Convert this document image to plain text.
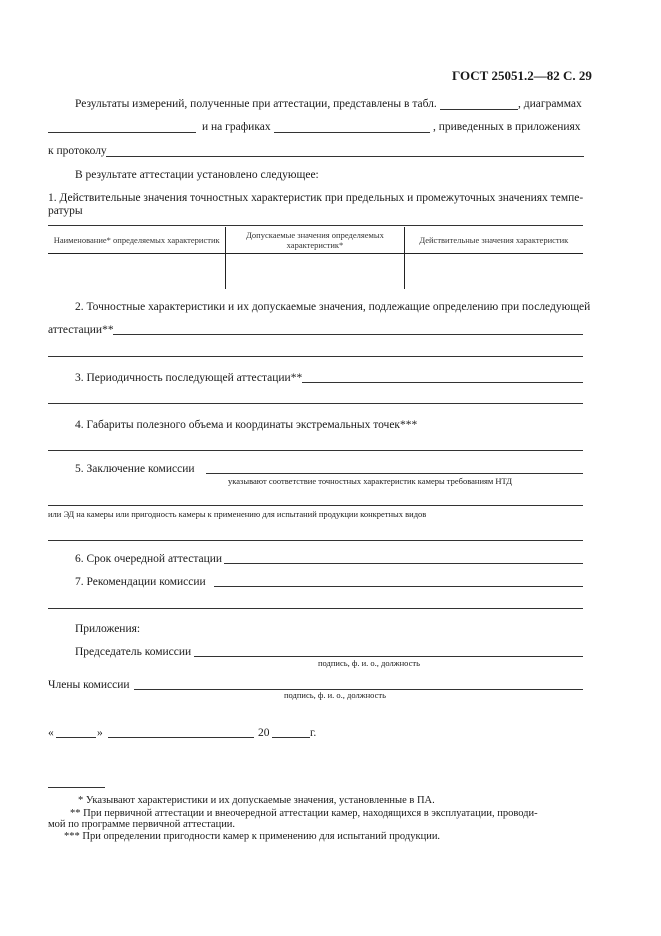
ГОСТ 25051.2—82 С. 29
Результаты измерений, полученные при аттестации, представлены в табл.	, диаграммах
и на графиках	, приведенных в приложениях
к протоколу
В результате аттестации установлено следующее:
1. Действительные значения точностных характеристик при предельных и промежуточных значениях темпе-
ратуры
Наименование* определяемых характеристик	Допускаемые значения определяемых характеристик*	Действительные значения характеристик

2. Точностные характеристики и их допускаемые значения, подлежащие определению при последующей
аттестации**
3. Периодичность последующей аттестации**
4. Габариты полезного объема и координаты экстремальных точек***
5. Заключение комиссии
указывают соответствие точностных характеристик камеры требованиям НТД
или ЭД на камеры или пригодность камеры к применению для испытаний продукции конкретных видов
6. Срок очередной аттестации
7. Рекомендации комиссии
Приложения:
Председатель комиссии
подпись, ф. и. о., должность
Члены комиссии
подпись, ф. и. о., должность
«	»	20	г.
* Указывают характеристики и их допускаемые значения, установленные в ПА.
** При первичной аттестации и внеочередной аттестации камер, находящихся в эксплуатации, проводи-
мой по программе первичной аттестации.
*** При определении пригодности камер к применению для испытаний продукции.
